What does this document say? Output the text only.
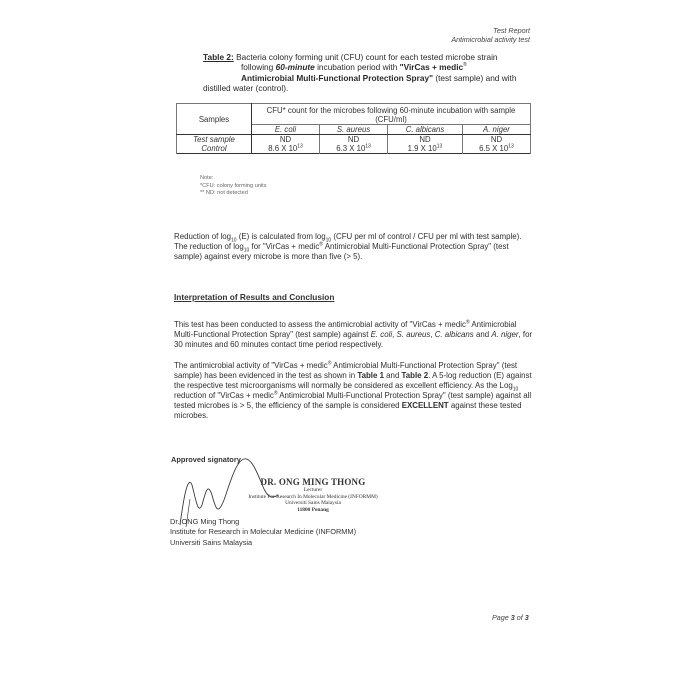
Test Report
Antimicrobial activity test
Table 2: Bacteria colony forming unit (CFU) count for each tested microbe strain
following 60-minute incubation period with "VirCas + medic®
Antimicrobial Multi-Functional Protection Spray" (test sample) and with
distilled water (control).
Samples	CFU* count for the microbes following 60-minute incubation with sample
(CFU/ml)			
	E. coli	S. aureus	C. albicans	A. niger
Test sample	ND	ND	ND	ND
Control	8.6 X $10^{13}$	6.3 X $10^{13}$	1.9 X $10^{13}$	6.5 X $10^{13}$
Note:
*CFU: colony forming units
** ND: not detected
Reduction of $\log_{10} (E)$ is calculated from $\log_{10} (CFU$ per ml of control / CFU per ml with test sample). The reduction of $\log_{10}$ for "VirCas + medic® Antimicrobial Multi-Functional Protection Spray" (test sample) against every microbe is more than five (> 5).
Interpretation of Results and Conclusion
This test has been conducted to assess the antimicrobial activity of "VirCas + medic® Antimicrobial Multi-Functional Protection Spray" (test sample) against E. coli, S. aureus, C. albicans and A. niger, for 30 minutes and 60 minutes contact time period respectively.
The antimicrobial activity of "VirCas + medic® Antimicrobial Multi-Functional Protection Spray" (test sample) has been evidenced in the test as shown in Table 1 and Table 2. A 5-log reduction (E) against the respective test microorganisms will normally be considered as excellent efficiency. As the Log$_{10}$ reduction of "VirCas + medic® Antimicrobial Multi-Functional Protection Spray" (test sample) against all tested microbes is > 5, the efficiency of the sample is considered EXCELLENT against these tested microbes.
Approved signatory
DR. ONG MING THONG
Lecturer
Institute For Research In Molecular Medicine (INFORMM)
Universiti Sains Malaysia
11800 Penang
Dr. ONG Ming Thong
Institute for Research in Molecular Medicine (INFORMM)
Universiti Sains Malaysia
Page 3 of 3
